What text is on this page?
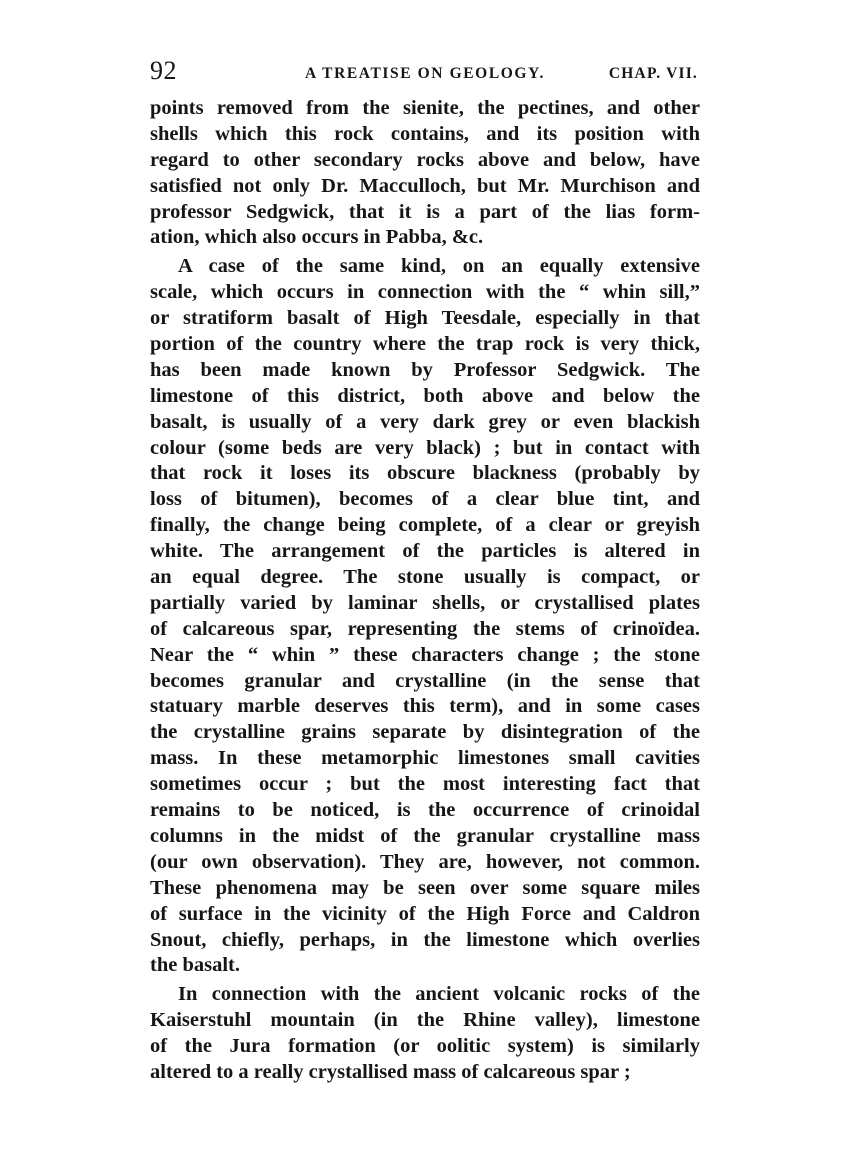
92	A TREATISE ON GEOLOGY.	CHAP. VII.
points removed from the sienite, the pectines, and other
shells which this rock contains, and its position with
regard to other secondary rocks above and below, have
satisfied not only Dr. Macculloch, but Mr. Murchison and
professor Sedgwick, that it is a part of the lias form-
ation, which also occurs in Pabba, &c.
A case of the same kind, on an equally extensive
scale, which occurs in connection with the “ whin sill,”
or stratiform basalt of High Teesdale, especially in that
portion of the country where the trap rock is very thick,
has been made known by Professor Sedgwick. The
limestone of this district, both above and below the
basalt, is usually of a very dark grey or even blackish
colour (some beds are very black) ; but in contact with
that rock it loses its obscure blackness (probably by
loss of bitumen), becomes of a clear blue tint, and
finally, the change being complete, of a clear or greyish
white. The arrangement of the particles is altered in
an equal degree. The stone usually is compact, or
partially varied by laminar shells, or crystallised plates
of calcareous spar, representing the stems of crinoïdea.
Near the “ whin ” these characters change ; the stone
becomes granular and crystalline (in the sense that
statuary marble deserves this term), and in some cases
the crystalline grains separate by disintegration of the
mass. In these metamorphic limestones small cavities
sometimes occur ; but the most interesting fact that
remains to be noticed, is the occurrence of crinoidal
columns in the midst of the granular crystalline mass
(our own observation). They are, however, not common.
These phenomena may be seen over some square miles
of surface in the vicinity of the High Force and Caldron
Snout, chiefly, perhaps, in the limestone which overlies
the basalt.
In connection with the ancient volcanic rocks of the
Kaiserstuhl mountain (in the Rhine valley), limestone
of the Jura formation (or oolitic system) is similarly
altered to a really crystallised mass of calcareous spar ;
